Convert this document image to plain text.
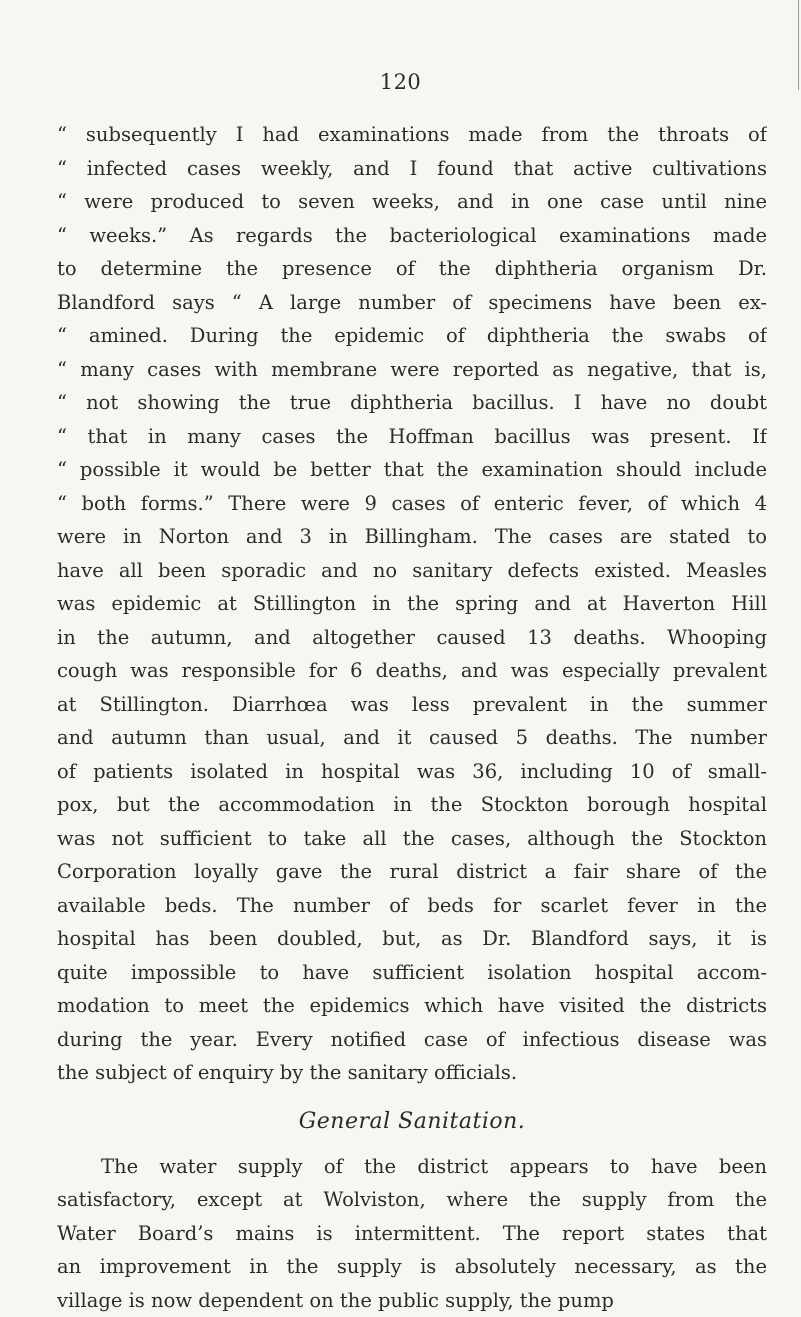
120
“ subsequently I had examinations made from the throats of
“ infected cases weekly, and I found that active cultivations
“ were produced to seven weeks, and in one case until nine
“ weeks.” As regards the bacteriological examinations made
to determine the presence of the diphtheria organism Dr.
Blandford says “ A large number of specimens have been ex-
“ amined. During the epidemic of diphtheria the swabs of
“ many cases with membrane were reported as negative, that is,
“ not showing the true diphtheria bacillus. I have no doubt
“ that in many cases the Hoffman bacillus was present. If
“ possible it would be better that the examination should include
“ both forms.” There were 9 cases of enteric fever, of which 4
were in Norton and 3 in Billingham. The cases are stated to
have all been sporadic and no sanitary defects existed. Measles
was epidemic at Stillington in the spring and at Haverton Hill
in the autumn, and altogether caused 13 deaths. Whooping
cough was responsible for 6 deaths, and was especially prevalent
at Stillington. Diarrhœa was less prevalent in the summer
and autumn than usual, and it caused 5 deaths. The number
of patients isolated in hospital was 36, including 10 of small-
pox, but the accommodation in the Stockton borough hospital
was not sufficient to take all the cases, although the Stockton
Corporation loyally gave the rural district a fair share of the
available beds. The number of beds for scarlet fever in the
hospital has been doubled, but, as Dr. Blandford says, it is
quite impossible to have sufficient isolation hospital accom-
modation to meet the epidemics which have visited the districts
during the year. Every notified case of infectious disease was
the subject of enquiry by the sanitary officials.
General Sanitation.
The water supply of the district appears to have been
satisfactory, except at Wolviston, where the supply from the
Water Board’s mains is intermittent. The report states that
an improvement in the supply is absolutely necessary, as the
village is now dependent on the public supply, the pump
